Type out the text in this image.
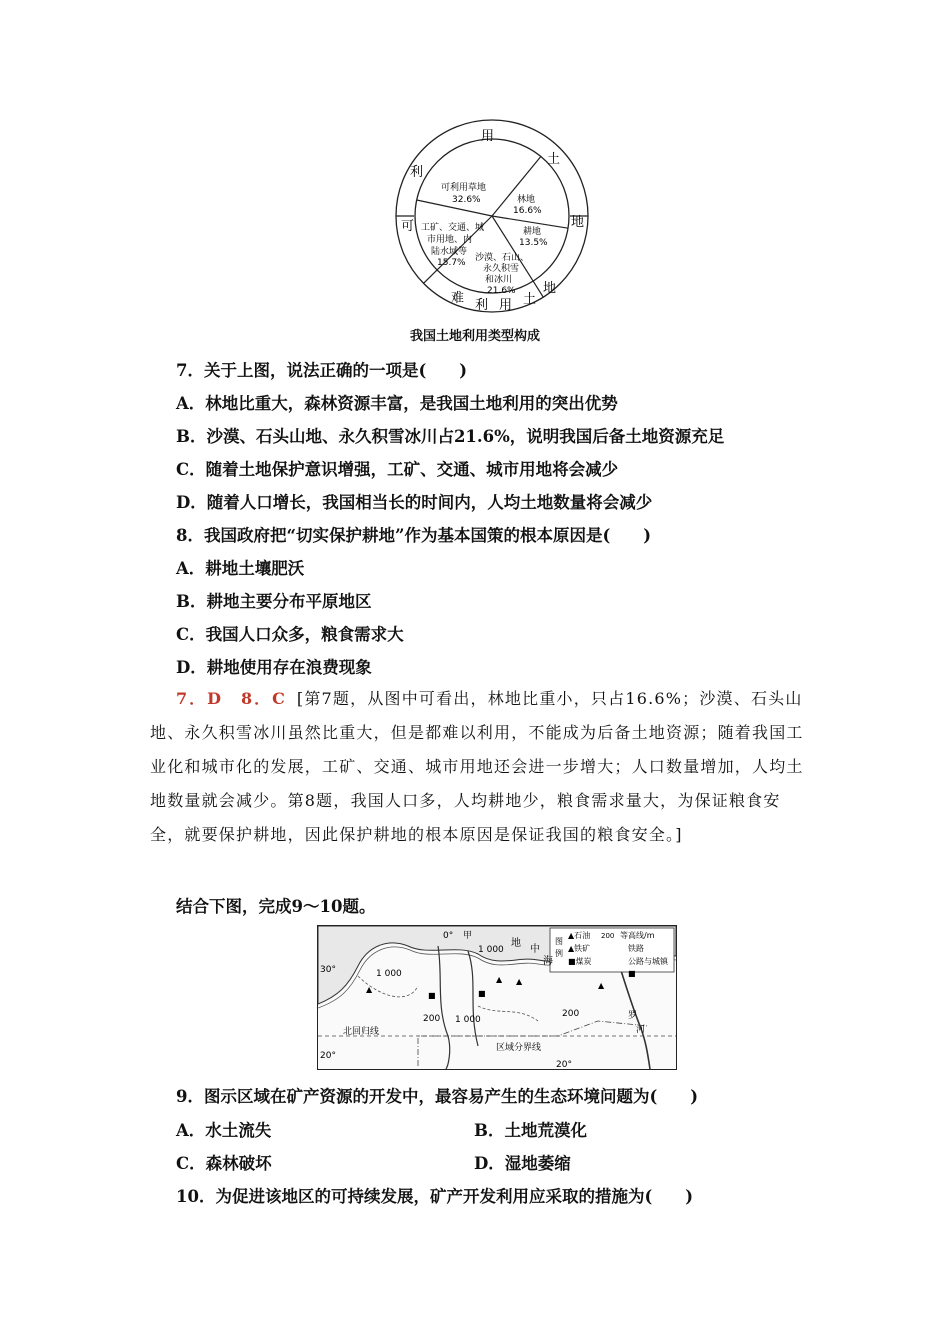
用
土
地
利
可
难 利 用 土
地
可利用草地
32.6%	林地
16.6%
耕地
13.5%
沙漠、石山、
永久积雪
和冰川
21.6%
工矿、交通、城
市用地、内
陆水域等
15.7%
我国土地利用类型构成
7．关于上图，说法正确的一项是(　　)
A．林地比重大，森林资源丰富，是我国土地利用的突出优势
B．沙漠、石头山地、永久积雪冰川占21.6%，说明我国后备土地资源充足
C．随着土地保护意识增强，工矿、交通、城市用地将会减少
D．随着人口增长，我国相当长的时间内，人均土地数量将会减少
8．我国政府把“切实保护耕地”作为基本国策的根本原因是(　　)
A．耕地土壤肥沃
B．耕地主要分布平原地区
C．我国人口众多，粮食需求大
D．耕地使用存在浪费现象
7．D　8．C [第7题，从图中可看出，林地比重小，只占16.6%；沙漠、石头山地、永久积雪冰川虽然比重大，但是都难以利用，不能成为后备土地资源；随着我国工业化和城市化的发展，工矿、交通、城市用地还会进一步增大；人口数量增加，人均土地数量就会减少。第8题，我国人口多，人均耕地少，粮食需求量大，为保证粮食安全，就要保护耕地，因此保护耕地的根本原因是保证我国的粮食安全。]
结合下图，完成9～10题。
0° 甲
1 000
地
中
海
30°	1 000
200 1 000
200
北回归线
区域分界线
20°
20°
罗
河
▲
▲ ▲	▲
■	■
■
图
例
▲石油 200 等高线/m
▲铁矿	铁路
■煤炭	公路与城镇
9．图示区域在矿产资源的开发中，最容易产生的生态环境问题为(　　)
A．水土流失	B．土地荒漠化
C．森林破坏	D．湿地萎缩
10．为促进该地区的可持续发展，矿产开发利用应采取的措施为(　　)
